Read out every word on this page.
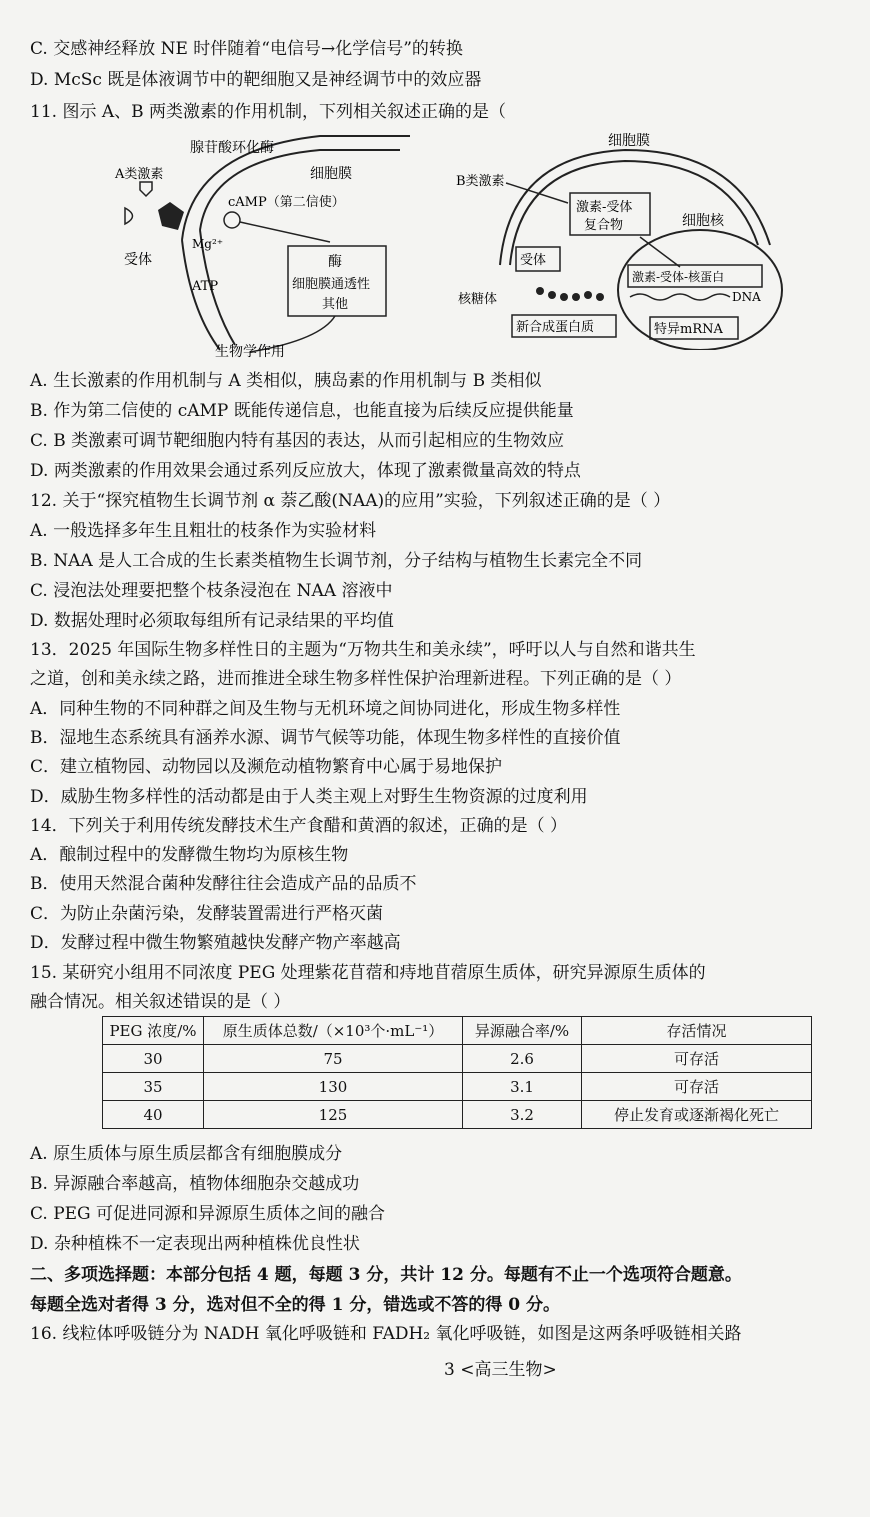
C. 交感神经释放 NE 时伴随着“电信号→化学信号”的转换
D. McSc 既是体液调节中的靶细胞又是神经调节中的效应器
11. 图示 A、B 两类激素的作用机制，下列相关叙述正确的是（
腺苷酸环化酶
A类激素	细胞膜
cAMP（第二信使）
Mg²⁺
受体
ATP
酶
细胞膜通透性
其他
生物学作用
细胞膜
B类激素
激素-受体
复合物	细胞核
受体
激素-受体-核蛋白
DNA
核糖体
新合成蛋白质	特异mRNA
A. 生长激素的作用机制与 A 类相似，胰岛素的作用机制与 B 类相似
B. 作为第二信使的 cAMP 既能传递信息，也能直接为后续反应提供能量
C. B 类激素可调节靶细胞内特有基因的表达，从而引起相应的生物效应
D. 两类激素的作用效果会通过系列反应放大，体现了激素微量高效的特点
12. 关于“探究植物生长调节剂 α 萘乙酸(NAA)的应用”实验，下列叙述正确的是（ ）
A. 一般选择多年生且粗壮的枝条作为实验材料
B. NAA 是人工合成的生长素类植物生长调节剂，分子结构与植物生长素完全不同
C. 浸泡法处理要把整个枝条浸泡在 NAA 溶液中
D. 数据处理时必须取每组所有记录结果的平均值
13．2025 年国际生物多样性日的主题为“万物共生和美永续”，呼吁以人与自然和谐共生
之道，创和美永续之路，进而推进全球生物多样性保护治理新进程。下列正确的是（ ）
A．同种生物的不同种群之间及生物与无机环境之间协同进化，形成生物多样性
B．湿地生态系统具有涵养水源、调节气候等功能，体现生物多样性的直接价值
C．建立植物园、动物园以及濒危动植物繁育中心属于易地保护
D．威胁生物多样性的活动都是由于人类主观上对野生生物资源的过度利用
14．下列关于利用传统发酵技术生产食醋和黄酒的叙述，正确的是（ ）
A．酿制过程中的发酵微生物均为原核生物
B．使用天然混合菌种发酵往往会造成产品的品质不
C．为防止杂菌污染，发酵装置需进行严格灭菌
D．发酵过程中微生物繁殖越快发酵产物产率越高
15. 某研究小组用不同浓度 PEG 处理紫花苜蓿和痔地苜蓿原生质体，研究异源原生质体的
融合情况。相关叙述错误的是（ ）
PEG 浓度/%	原生质体总数/（×10³个·mL⁻¹）	异源融合率/%	存活情况
30	75	2.6	可存活
35	130	3.1	可存活
40	125	3.2	停止发育或逐渐褐化死亡
A. 原生质体与原生质层都含有细胞膜成分
B. 异源融合率越高，植物体细胞杂交越成功
C. PEG 可促进同源和异源原生质体之间的融合
D. 杂种植株不一定表现出两种植株优良性状
二、多项选择题：本部分包括 4 题，每题 3 分，共计 12 分。每题有不止一个选项符合题意。
每题全选对者得 3 分，选对但不全的得 1 分，错选或不答的得 0 分。
16. 线粒体呼吸链分为 NADH 氧化呼吸链和 FADH₂ 氧化呼吸链，如图是这两条呼吸链相关路
3 <高三生物>
